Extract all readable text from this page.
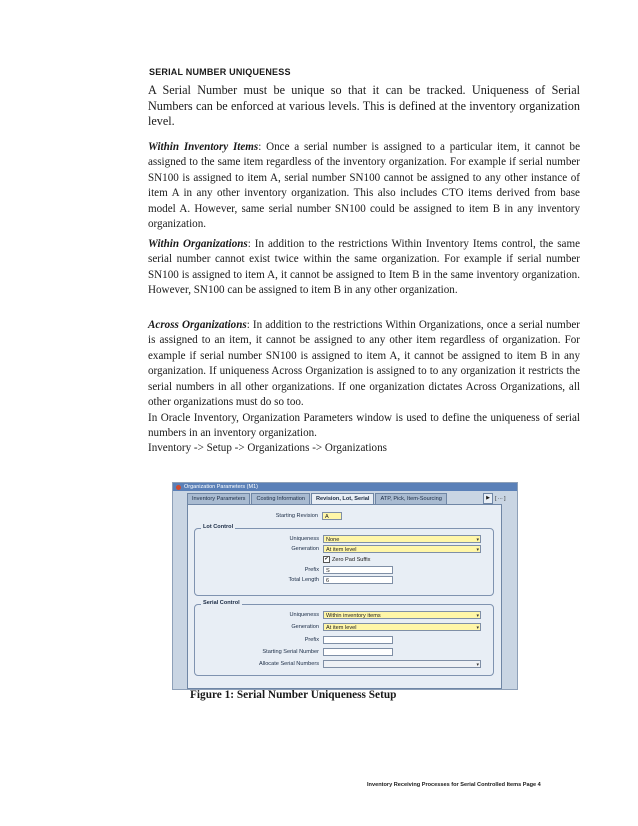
SERIAL NUMBER UNIQUENESS

A Serial Number must be unique so that it can be tracked. Uniqueness of Serial Numbers can be enforced at various levels. This is defined at the inventory organization level.

Within Inventory Items: Once a serial number is assigned to a particular item, it cannot be assigned to the same item regardless of the inventory organization. For example if serial number SN100 is assigned to item A, serial number SN100 cannot be assigned to any other instance of item A in any other inventory organization. This also includes CTO items derived from base model A. However, same serial number SN100 could be assigned to item B in any inventory organization.

Within Organizations: In addition to the restrictions Within Inventory Items control, the same serial number cannot exist twice within the same organization. For example if serial number SN100 is assigned to item A, it cannot be assigned to Item B in the same inventory organization. However, SN100 can be assigned to item B in any other organization.

Across Organizations: In addition to the restrictions Within Organizations, once a serial number is assigned to an item, it cannot be assigned to any other item regardless of organization. For example if serial number SN100 is assigned to item A, it cannot be assigned to item B in any organization. If uniqueness Across Organization is assigned to to any organization it restricts the serial numbers in all other organizations. If one organization dictates Across Organizations, all other organizations must do so too.

In Oracle Inventory, Organization Parameters window is used to define the uniqueness of serial numbers in an inventory organization.

Inventory -> Setup -> Organizations -> Organizations
Organization Parameters (M1)
Inventory Parameters	Costing Information	Revision, Lot, Serial	ATP, Pick, Item-Sourcing	▶	[ ··· ]
Starting Revision	A
Lot Control
Uniqueness	None	▾
Generation	At item level	▾
✔ Zero Pad Suffix
Prefix	S
Total Length	6
Serial Control
Uniqueness	Within inventory items	▾
Generation	At item level	▾
Prefix
Starting Serial Number
Allocate Serial Numbers	▾
Figure 1: Serial Number Uniqueness Setup
Inventory Receiving Processes for Serial Controlled Items Page 4
